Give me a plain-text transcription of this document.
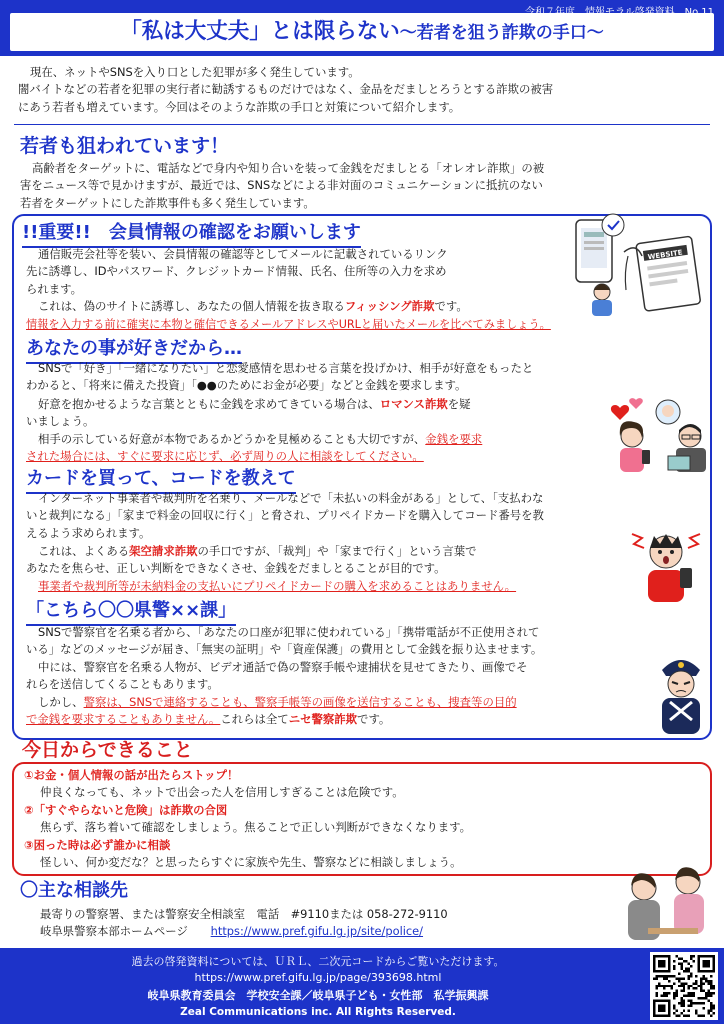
「私は大丈夫」とは限らない〜若者を狙う詐欺の手口〜
現在、ネットやSNSを入り口とした犯罪が多く発生しています。
闇バイトなどの若者を犯罪の実行者に勧誘するものだけではなく、金品をだましとろうとする詐欺の被害
にあう若者も増えています。今回はそのような詐欺の手口と対策について紹介します。
若者も狙われています！
高齢者をターゲットに、電話などで身内や知り合いを装って金銭をだましとる「オレオレ詐欺」の被
害をニュース等で見かけますが、最近では、SNSなどによる非対面のコミュニケーションに抵抗のない
若者をターゲットにした詐欺事件も多く発生しています。
!!重要!!　会員情報の確認をお願いします
通信販売会社等を装い、会員情報の確認等としてメールに記載されているリンク
先に誘導し、IDやパスワード、クレジットカード情報、氏名、住所等の入力を求め
られます。
これは、偽のサイトに誘導し、あなたの個人情報を抜き取るフィッシング詐欺です。
情報を入力する前に確実に本物と確信できるメールアドレスやURLと届いたメールを比べてみましょう。
WEBSITE
あなたの事が好きだから…
SNSで「好き」「一緒になりたい」と恋愛感情を思わせる言葉を投げかけ、相手が好意をもったと
わかると、「将来に備えた投資」「●●のためにお金が必要」などと金銭を要求します。
好意を抱かせるような言葉とともに金銭を求めてきている場合は、ロマンス詐欺を疑
いましょう。
相手の示している好意が本物であるかどうかを見極めることも大切ですが、金銭を要求
された場合には、すぐに要求に応じず、必ず周りの人に相談をしてください。
カードを買って、コードを教えて
インターネット事業者や裁判所を名乗り、メールなどで「未払いの料金がある」として、「支払わな
いと裁判になる」「家まで料金の回収に行く」と脅され、プリペイドカードを購入してコード番号を教
えるよう求められます。
これは、よくある架空請求詐欺の手口ですが、「裁判」や「家まで行く」という言葉で
あなたを焦らせ、正しい判断をできなくさせ、金銭をだましとることが目的です。
事業者や裁判所等が未納料金の支払いにプリペイドカードの購入を求めることはありません。
「こちら〇〇県警××課」
SNSで警察官を名乗る者から、「あなたの口座が犯罪に使われている」「携帯電話が不正使用されて
いる」などのメッセージが届き、「無実の証明」や「資産保護」の費用として金銭を振り込ませます。
中には、警察官を名乗る人物が、ビデオ通話で偽の警察手帳や逮捕状を見せてきたり、画像でそ
れらを送信してくることもあります。
しかし、警察は、SNSで連絡することも、警察手帳等の画像を送信することも、捜査等の目的
で金銭を要求することもありません。これらは全てニセ警察詐欺です。
今日からできること
①お金・個人情報の話が出たらストップ！
仲良くなっても、ネットで出会った人を信用しすぎることは危険です。
②「すぐやらないと危険」は詐欺の合図
焦らず、落ち着いて確認をしましょう。焦ることで正しい判断ができなくなります。
③困った時は必ず誰かに相談
怪しい、何か変だな？と思ったらすぐに家族や先生、警察などに相談しましょう。
〇主な相談先
最寄りの警察署、または警察安全相談室　電話　#9110または 058-272-9110
岐阜県警察本部ホームページ　　 https://www.pref.gifu.lg.jp/site/police/
過去の啓発資料については、ＵＲＬ、二次元コードからご覧いただけます。
https://www.pref.gifu.lg.jp/page/393698.html
岐阜県教育委員会　学校安全課／岐阜県子ども・女性部　私学振興課
Zeal Communications inc. All Rights Reserved.
